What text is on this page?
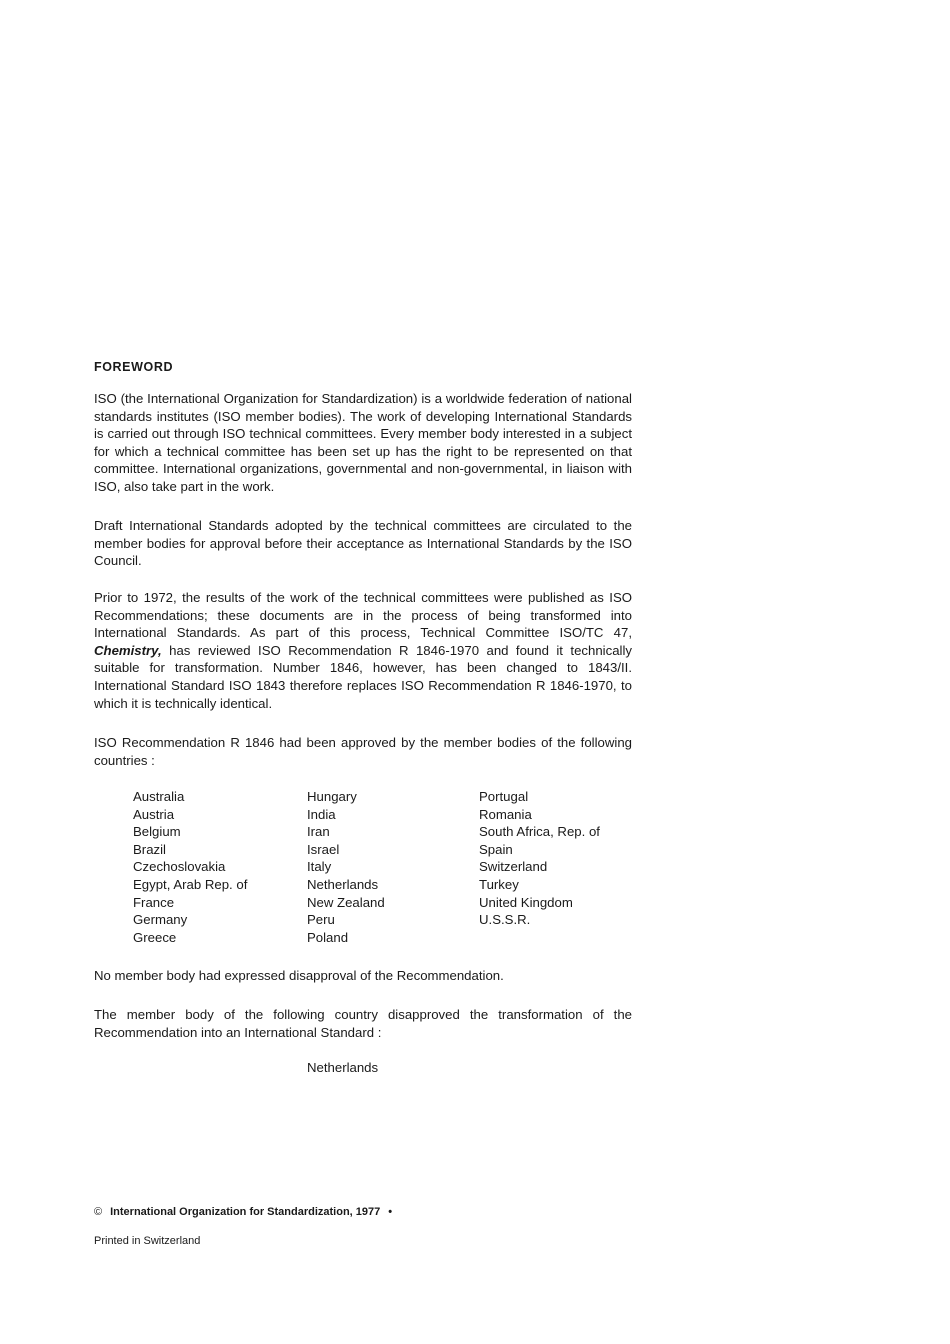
FOREWORD
ISO (the International Organization for Standardization) is a worldwide federation of national standards institutes (ISO member bodies). The work of developing International Standards is carried out through ISO technical committees. Every member body interested in a subject for which a technical committee has been set up has the right to be represented on that committee. International organizations, governmental and non-governmental, in liaison with ISO, also take part in the work.
Draft International Standards adopted by the technical committees are circulated to the member bodies for approval before their acceptance as International Standards by the ISO Council.
Prior to 1972, the results of the work of the technical committees were published as ISO Recommendations; these documents are in the process of being transformed into International Standards. As part of this process, Technical Committee ISO/TC 47, Chemistry, has reviewed ISO Recommendation R 1846-1970 and found it technically suitable for transformation. Number 1846, however, has been changed to 1843/II. International Standard ISO 1843 therefore replaces ISO Recommendation R 1846-1970, to which it is technically identical.
ISO Recommendation R 1846 had been approved by the member bodies of the following countries :
Australia
Austria
Belgium
Brazil
Czechoslovakia
Egypt, Arab Rep. of
France
Germany
Greece
Hungary
India
Iran
Israel
Italy
Netherlands
New Zealand
Peru
Poland
Portugal
Romania
South Africa, Rep. of
Spain
Switzerland
Turkey
United Kingdom
U.S.S.R.
No member body had expressed disapproval of the Recommendation.
The member body of the following country disapproved the transformation of the Recommendation into an International Standard :
Netherlands
© International Organization for Standardization, 1977 •
Printed in Switzerland
